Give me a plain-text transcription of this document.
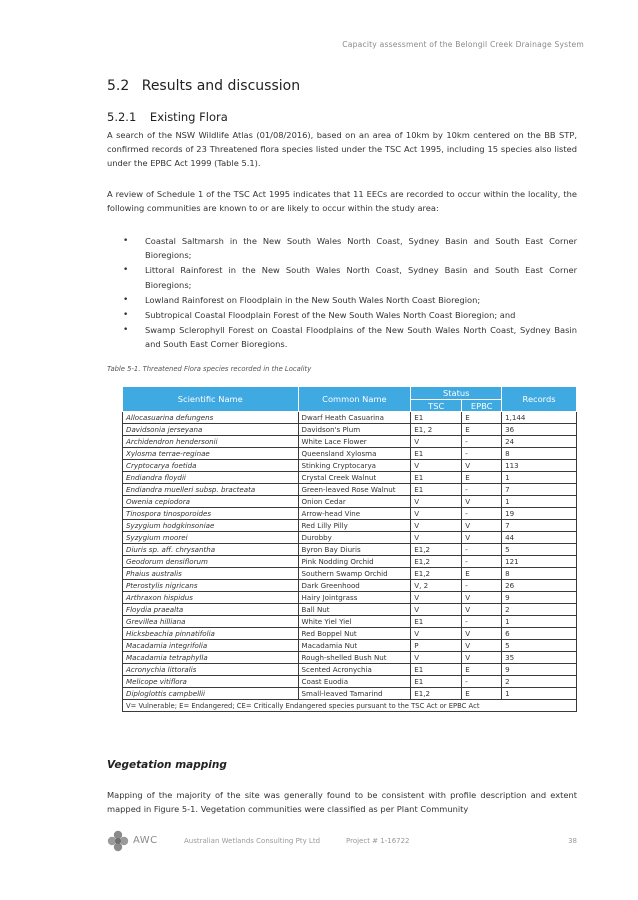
Capacity assessment of the Belongil Creek Drainage System
5.2 Results and discussion
5.2.1 Existing Flora

A search of the NSW Wildlife Atlas (01/08/2016), based on an area of 10km by 10km centered on the BB STP, confirmed records of 23 Threatened flora species listed under the TSC Act 1995, including 15 species also listed under the EPBC Act 1999 (Table 5.1).

A review of Schedule 1 of the TSC Act 1995 indicates that 11 EECs are recorded to occur within the locality, the following communities are known to or are likely to occur within the study area:

• Coastal Saltmarsh in the New South Wales North Coast, Sydney Basin and South East Corner Bioregions;
• Littoral Rainforest in the New South Wales North Coast, Sydney Basin and South East Corner Bioregions;
• Lowland Rainforest on Floodplain in the New South Wales North Coast Bioregion;
• Subtropical Coastal Floodplain Forest of the New South Wales North Coast Bioregion; and
• Swamp Sclerophyll Forest on Coastal Floodplains of the New South Wales North Coast, Sydney Basin and South East Corner Bioregions.
Table 5-1. Threatened Flora species recorded in the Locality
Scientific Name	Common Name	Status		Records
		TSC	EPBC	
Allocasuarina defungens	Dwarf Heath Casuarina	E1	E	1,144
Davidsonia jerseyana	Davidson's Plum	E1, 2	E	36
Archidendron hendersonii	White Lace Flower	V	-	24
Xylosma terrae-reginae	Queensland Xylosma	E1	-	8
Cryptocarya foetida	Stinking Cryptocarya	V	V	113
Endiandra floydii	Crystal Creek Walnut	E1	E	1
Endiandra muelleri subsp. bracteata	Green-leaved Rose Walnut	E1	-	7
Owenia cepiodora	Onion Cedar	V	V	1
Tinospora tinosporoides	Arrow-head Vine	V	-	19
Syzygium hodgkinsoniae	Red Lilly Pilly	V	V	7
Syzygium moorei	Durobby	V	V	44
Diuris sp. aff. chrysantha	Byron Bay Diuris	E1,2	-	5
Geodorum densiflorum	Pink Nodding Orchid	E1,2	-	121
Phaius australis	Southern Swamp Orchid	E1,2	E	8
Pterostylis nigricans	Dark Greenhood	V, 2	-	26
Arthraxon hispidus	Hairy Jointgrass	V	V	9
Floydia praealta	Ball Nut	V	V	2
Grevillea hilliana	White Yiel Yiel	E1	-	1
Hicksbeachia pinnatifolia	Red Boppel Nut	V	V	6
Macadamia integrifolia	Macadamia Nut	P	V	5
Macadamia tetraphylla	Rough-shelled Bush Nut	V	V	35
Acronychia littoralis	Scented Acronychia	E1	E	9
Melicope vitiflora	Coast Euodia	E1	-	2
Diploglottis campbellii	Small-leaved Tamarind	E1,2	E	1
V= Vulnerable; E= Endangered; CE= Critically Endangered species pursuant to the TSC Act or EPBC Act				
Vegetation mapping

Mapping of the majority of the site was generally found to be consistent with profile description and extent mapped in Figure 5-1. Vegetation communities were classified as per Plant Community

AWC	Australian Wetlands Consulting Pty Ltd	Project # 1-16722	38
